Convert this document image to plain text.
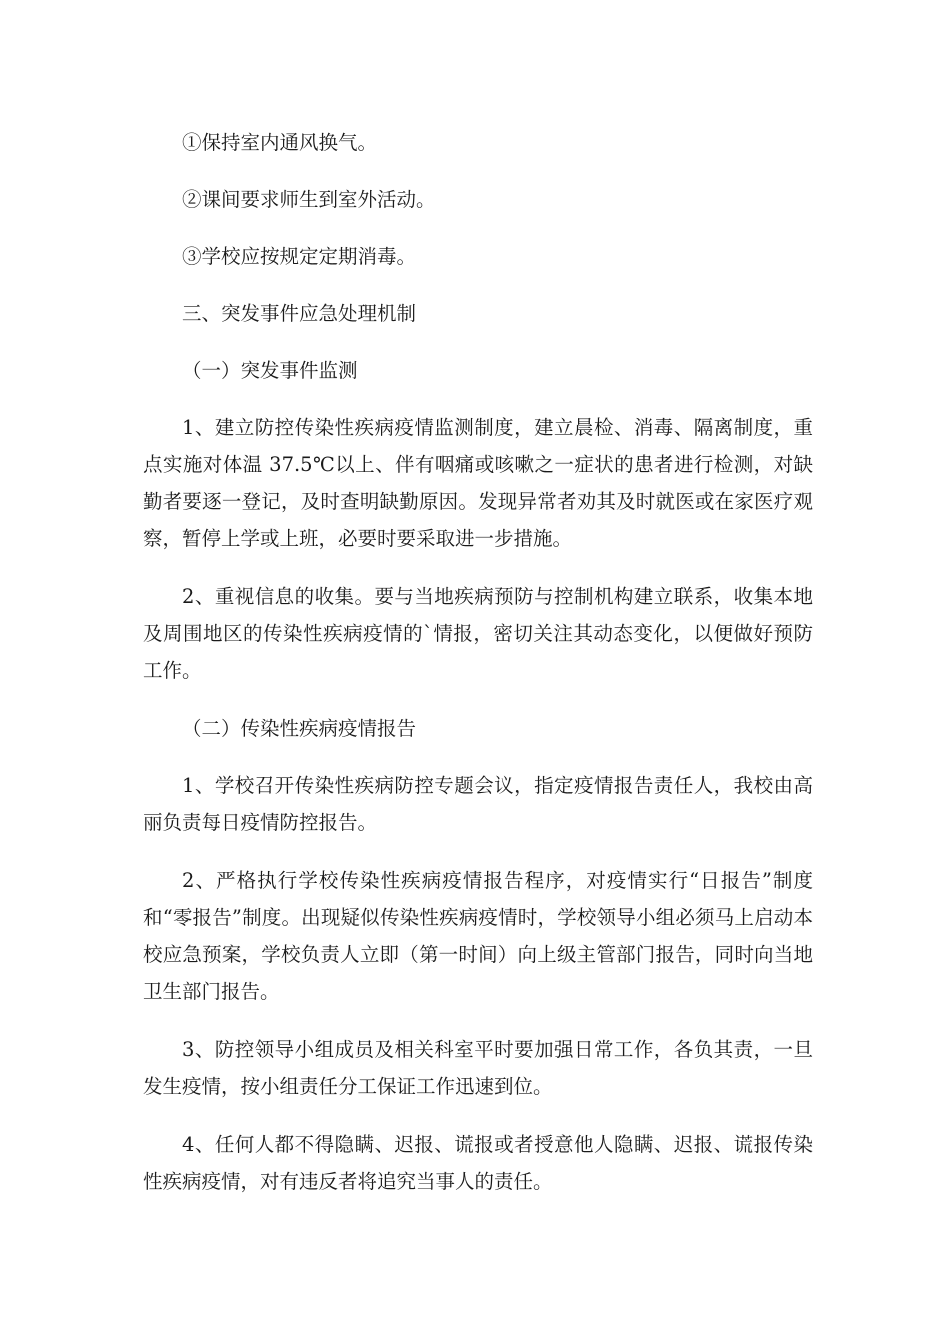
①保持室内通风换气。

②课间要求师生到室外活动。

③学校应按规定定期消毒。

三、突发事件应急处理机制

（一）突发事件监测

1、建立防控传染性疾病疫情监测制度，建立晨检、消毒、隔离制度，重点实施对体温 37.5℃以上、伴有咽痛或咳嗽之一症状的患者进行检测，对缺勤者要逐一登记，及时查明缺勤原因。发现异常者劝其及时就医或在家医疗观察，暂停上学或上班，必要时要采取进一步措施。

2、重视信息的收集。要与当地疾病预防与控制机构建立联系，收集本地及周围地区的传染性疾病疫情的`情报，密切关注其动态变化，以便做好预防工作。

（二）传染性疾病疫情报告

1、学校召开传染性疾病防控专题会议，指定疫情报告责任人，我校由高丽负责每日疫情防控报告。

2、严格执行学校传染性疾病疫情报告程序，对疫情实行“日报告”制度和“零报告”制度。出现疑似传染性疾病疫情时，学校领导小组必须马上启动本校应急预案，学校负责人立即（第一时间）向上级主管部门报告，同时向当地卫生部门报告。

3、防控领导小组成员及相关科室平时要加强日常工作，各负其责，一旦发生疫情，按小组责任分工保证工作迅速到位。

4、任何人都不得隐瞒、迟报、谎报或者授意他人隐瞒、迟报、谎报传染性疾病疫情，对有违反者将追究当事人的责任。
